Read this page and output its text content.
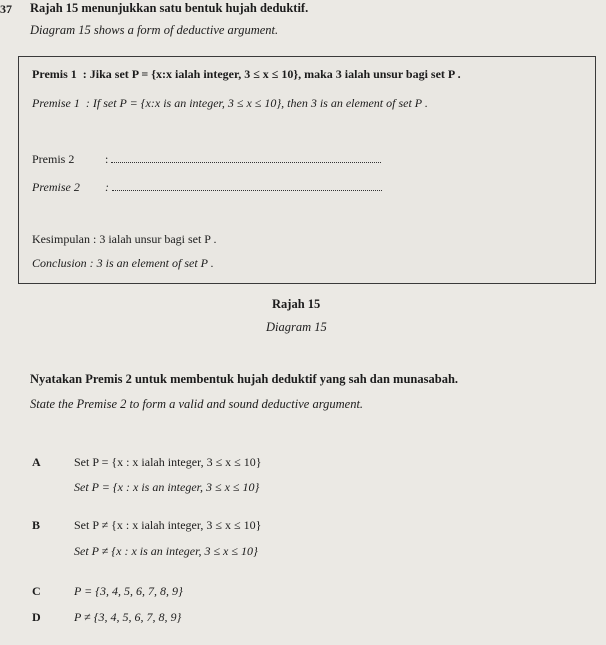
37 Rajah 15 menunjukkan satu bentuk hujah deduktif.
Diagram 15 shows a form of deductive argument.
Premis 1 : Jika set P = {x:x ialah integer, 3 ≤ x ≤ 10}, maka 3 ialah unsur bagi set P .
Premise 1 : If set P = {x:x is an integer, 3 ≤ x ≤ 10}, then 3 is an element of set P .
Premis 2	:
Premise 2 :
Kesimpulan : 3 ialah unsur bagi set P .
Conclusion : 3 is an element of set P .
Rajah 15
Diagram 15
Nyatakan Premis 2 untuk membentuk hujah deduktif yang sah dan munasabah.
State the Premise 2 to form a valid and sound deductive argument.
A	Set P = {x : x ialah integer, 3 ≤ x ≤ 10}
Set P = {x : x is an integer, 3 ≤ x ≤ 10}
B	Set P ≠ {x : x ialah integer, 3 ≤ x ≤ 10}
Set P ≠ {x : x is an integer, 3 ≤ x ≤ 10}
C	P = {3, 4, 5, 6, 7, 8, 9}
D	P ≠ {3, 4, 5, 6, 7, 8, 9}
